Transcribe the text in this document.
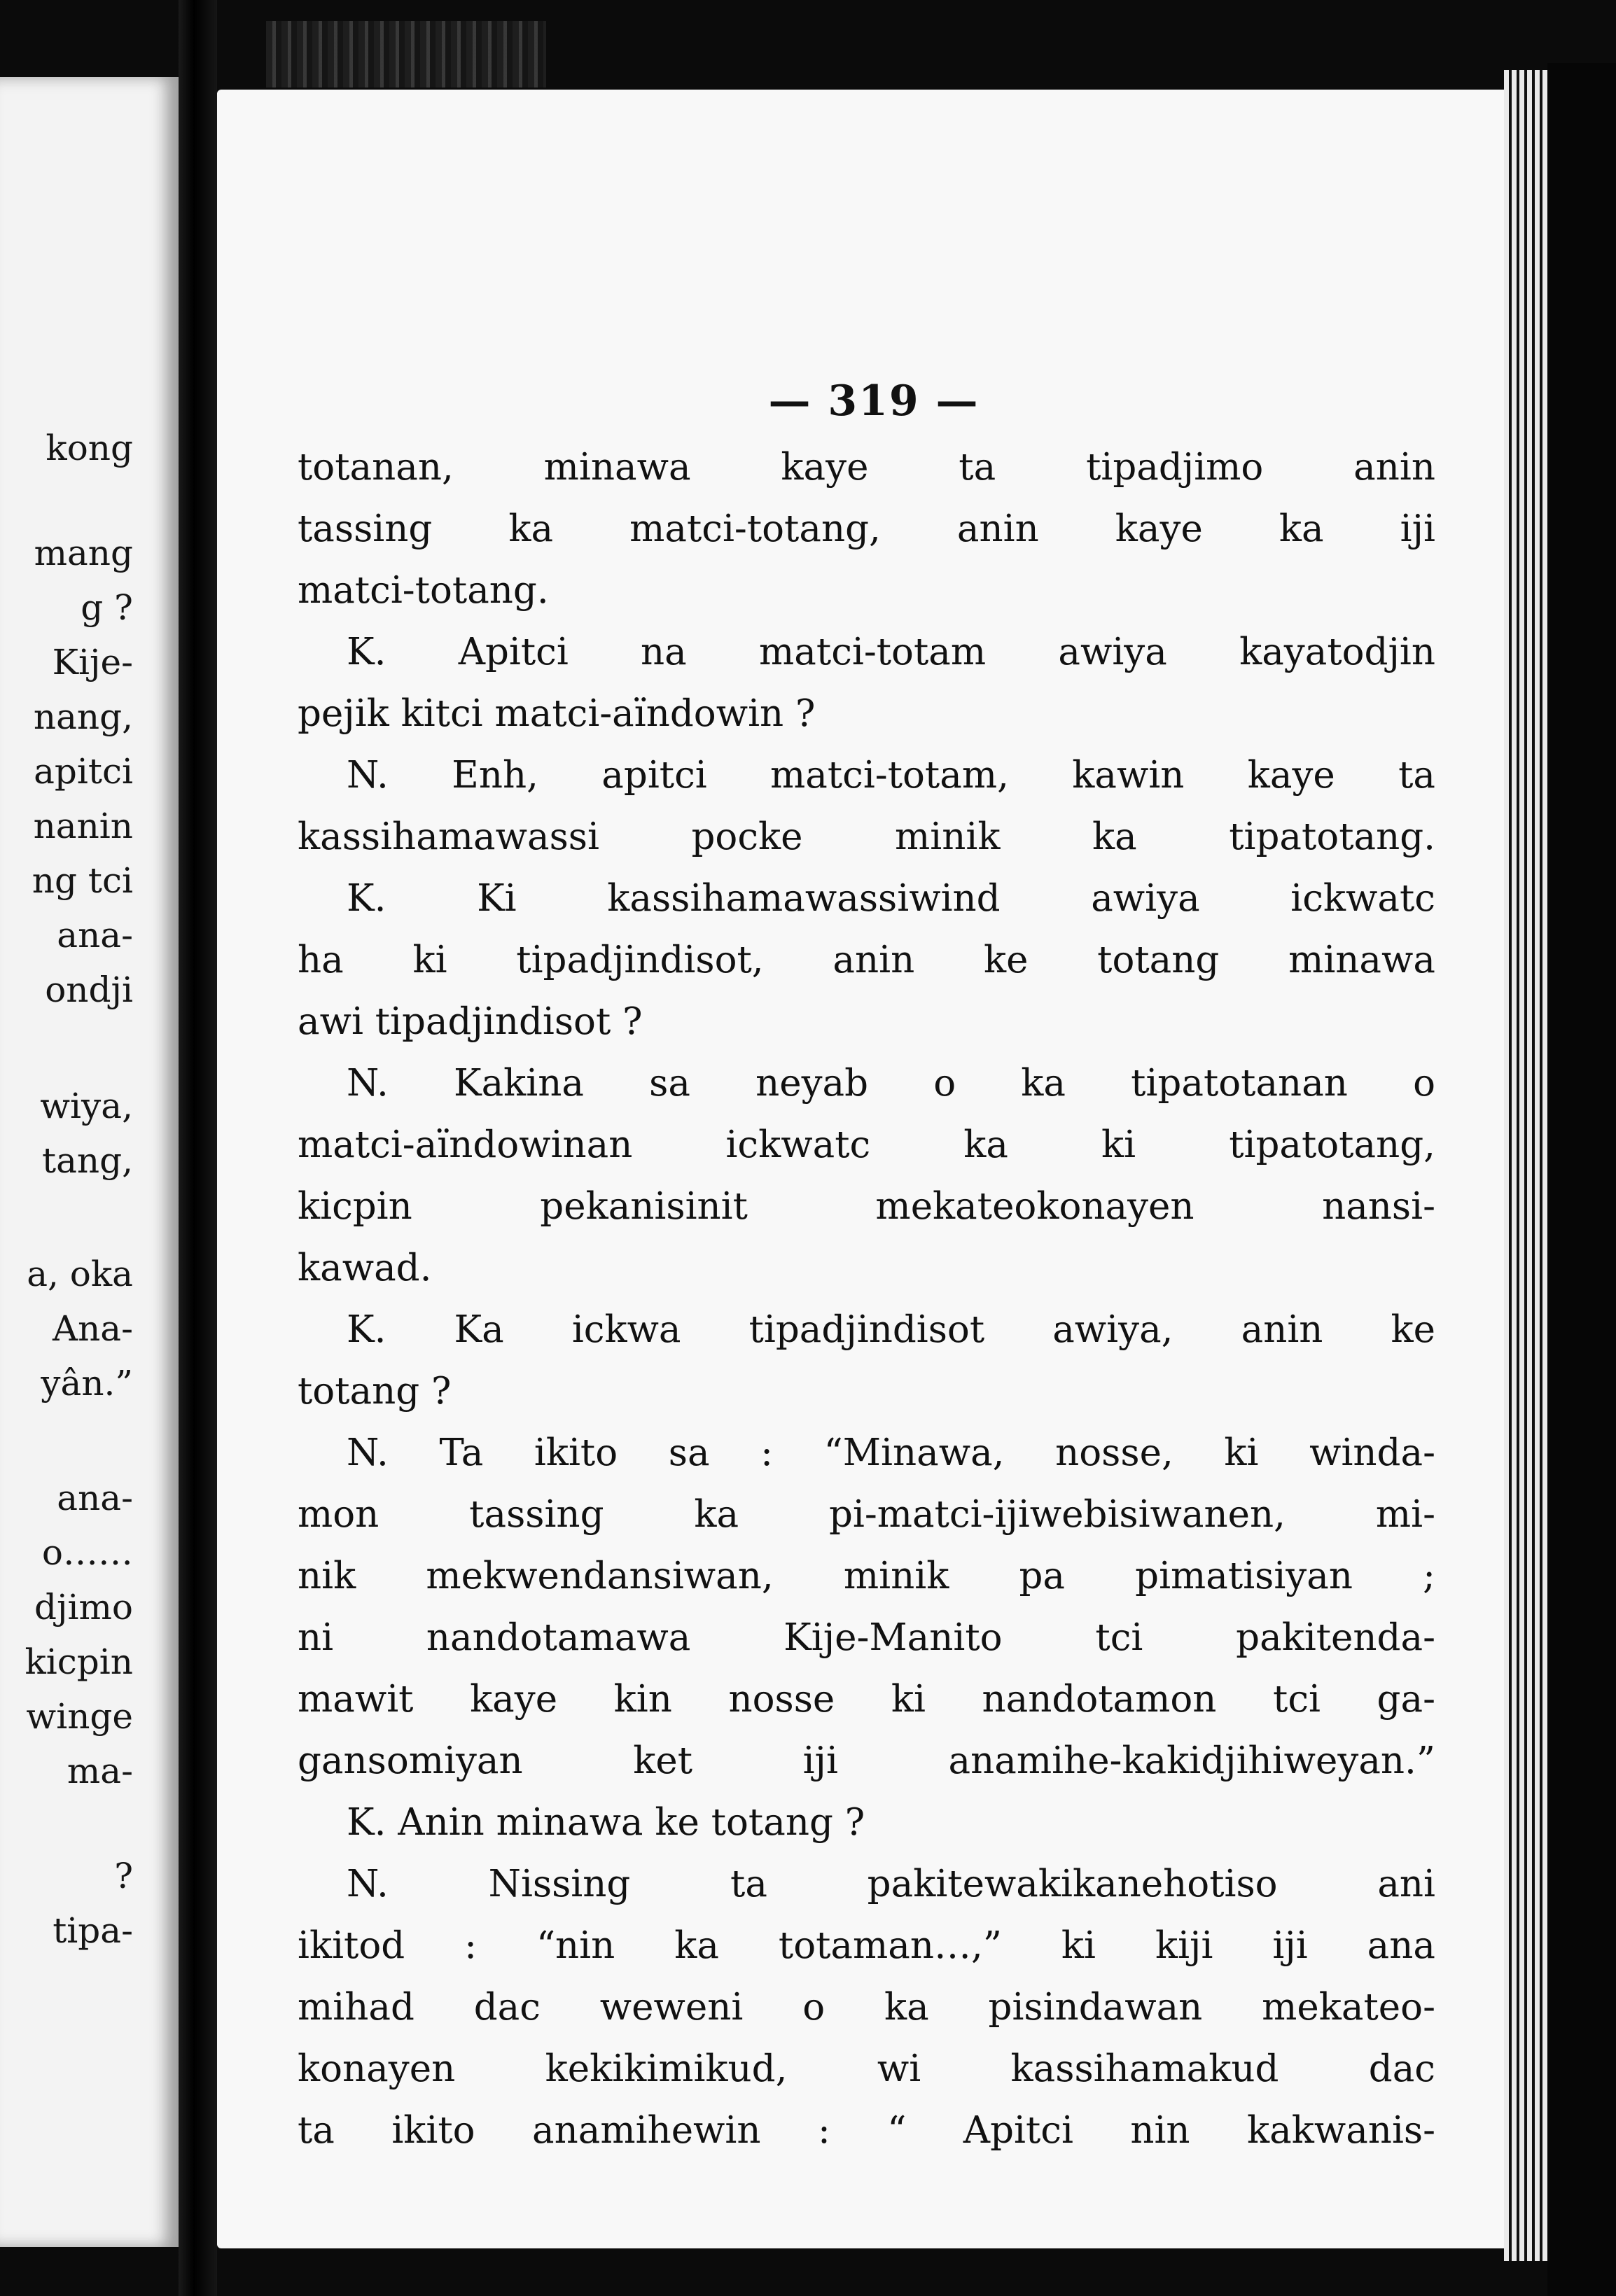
kong
mang
g ?
Kije-
nang,
apitci
nanin
ng tci
ana-
ondji
wiya,
tang,
a, oka
Ana-
yân.”
ana-
o……
djimo
kicpin
winge
ma-
?
tipa-
— 319 —
totanan, minawa kaye ta tipadjimo anin
tassing ka matci-totang, anin kaye ka iji
matci-totang.
K. Apitci na matci-totam awiya kayatodjin
pejik kitci matci-aïndowin ?
N. Enh, apitci matci-totam, kawin kaye ta
kassihamawassi pocke minik ka tipatotang.
K. Ki kassihamawassiwind awiya ickwatc
ha ki tipadjindisot, anin ke totang minawa
awi tipadjindisot ?
N. Kakina sa neyab o ka tipatotanan o
matci-aïndowinan ickwatc ka ki tipatotang,
kicpin pekanisinit mekateokonayen nansi-
kawad.
K. Ka ickwa tipadjindisot awiya, anin ke
totang ?
N. Ta ikito sa : “Minawa, nosse, ki winda-
mon tassing ka pi-matci-ijiwebisiwanen, mi-
nik mekwendansiwan, minik pa pimatisiyan ;
ni nandotamawa Kije-Manito tci pakitenda-
mawit kaye kin nosse ki nandotamon tci ga-
gansomiyan ket iji anamihe-kakidjihiweyan.”
K. Anin minawa ke totang ?
N. Nissing ta pakitewakikanehotiso ani
ikitod : “nin ka totaman…,” ki kiji iji ana
mihad dac weweni o ka pisindawan mekateo-
konayen kekikimikud, wi kassihamakud dac
ta ikito anamihewin : “ Apitci nin kakwanis-
